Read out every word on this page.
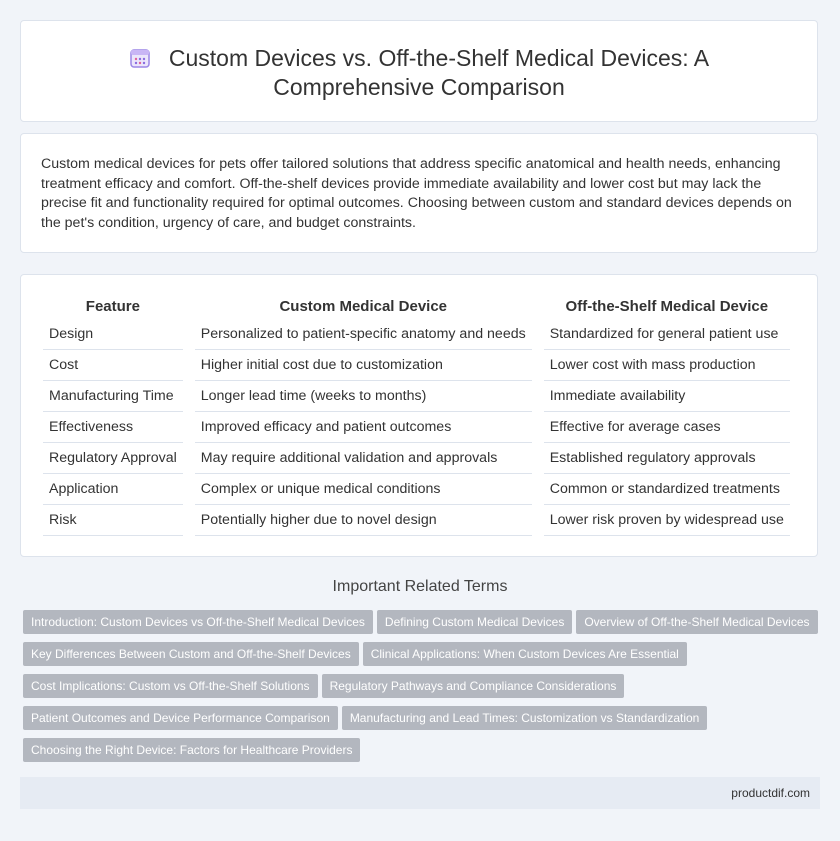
Custom Devices vs. Off-the-Shelf Medical Devices: A
Comprehensive Comparison

Custom medical devices for pets offer tailored solutions that address specific anatomical and health needs, enhancing treatment efficacy and comfort. Off-the-shelf devices provide immediate availability and lower cost but may lack the precise fit and functionality required for optimal outcomes. Choosing between custom and standard devices depends on the pet's condition, urgency of care, and budget constraints.

Feature		Custom Medical Device		Off-the-Shelf Medical Device
Design		Personalized to patient-specific anatomy and needs		Standardized for general patient use
Cost		Higher initial cost due to customization		Lower cost with mass production
Manufacturing Time		Longer lead time (weeks to months)		Immediate availability
Effectiveness		Improved efficacy and patient outcomes		Effective for average cases
Regulatory Approval		May require additional validation and approvals		Established regulatory approvals
Application		Complex or unique medical conditions		Common or standardized treatments
Risk		Potentially higher due to novel design		Lower risk proven by widespread use
Important Related Terms
Introduction: Custom Devices vs Off-the-Shelf Medical Devices Defining Custom Medical Devices Overview of Off-the-Shelf Medical Devices
Key Differences Between Custom and Off-the-Shelf Devices Clinical Applications: When Custom Devices Are Essential
Cost Implications: Custom vs Off-the-Shelf Solutions Regulatory Pathways and Compliance Considerations
Patient Outcomes and Device Performance Comparison Manufacturing and Lead Times: Customization vs Standardization
Choosing the Right Device: Factors for Healthcare Providers
productdif.com
